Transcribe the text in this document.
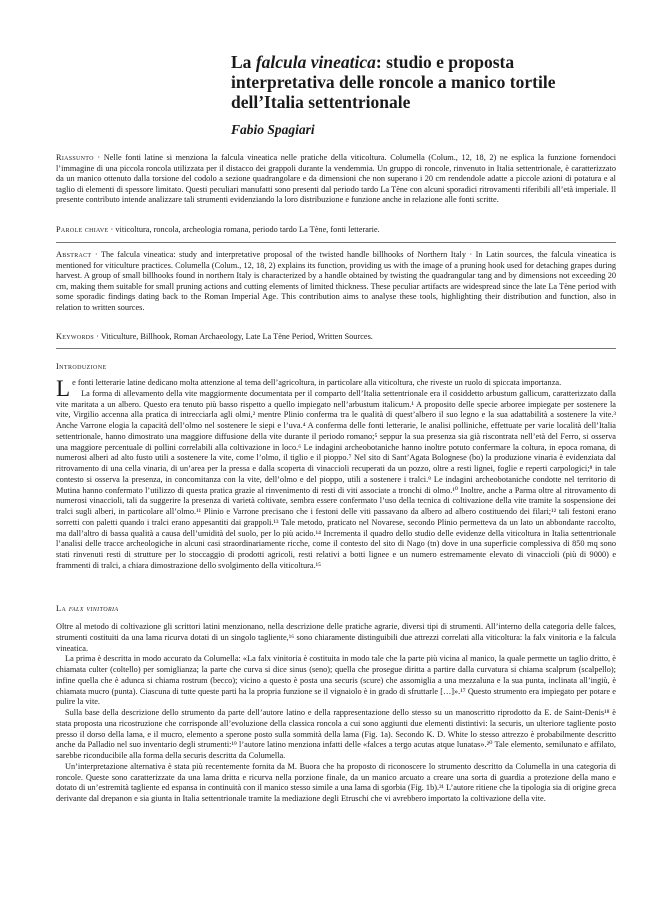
La falcula vineatica: studio e proposta interpretativa delle roncole a manico tortile dell’Italia settentrionale

Fabio Spagiari

Riassunto · Nelle fonti latine si menziona la falcula vineatica nelle pratiche della viticoltura. Columella (Colum., 12, 18, 2) ne esplica la funzione fornendoci l’immagine di una piccola roncola utilizzata per il distacco dei grappoli durante la vendemmia. Un gruppo di roncole, rinvenuto in Italia settentrionale, è caratterizzato da un manico ottenuto dalla torsione del codolo a sezione quadrangolare e da dimensioni che non superano i 20 cm rendendole adatte a piccole azioni di potatura e al taglio di elementi di spessore limitato. Questi peculiari manufatti sono presenti dal periodo tardo La Tène con alcuni sporadici ritrovamenti riferibili all’età imperiale. Il presente contributo intende analizzare tali strumenti evidenziando la loro distribuzione e funzione anche in relazione alle fonti scritte.

Parole chiave · viticoltura, roncola, archeologia romana, periodo tardo La Tène, fonti letterarie.

Abstract · The falcula vineatica: study and interpretative proposal of the twisted handle billhooks of Northern Italy · In Latin sources, the falcula vineatica is mentioned for viticulture practices. Columella (Colum., 12, 18, 2) explains its function, providing us with the image of a pruning hook used for detaching grapes during harvest. A group of small billhooks found in northern Italy is characterized by a handle obtained by twisting the quadrangular tang and by dimensions not exceeding 20 cm, making them suitable for small pruning actions and cutting elements of limited thickness. These peculiar artifacts are widespread since the late La Tène period with some sporadic findings dating back to the Roman Imperial Age. This contribution aims to analyse these tools, highlighting their distribution and function, also in relation to written sources.

Keywords · Viticulture, Billhook, Roman Archaeology, Late La Tène Period, Written Sources.

Introduzione

Le fonti letterarie latine dedicano molta attenzione al tema dell’agricoltura, in particolare alla viticoltura, che riveste un ruolo di spiccata importanza.

La forma di allevamento della vite maggiormente documentata per il comparto dell’Italia settentrionale era il cosiddetto arbustum gallicum, caratterizzato dalla vite maritata a un albero. Questo era tenuto più basso rispetto a quello impiegato nell’arbustum italicum.¹ A proposito delle specie arboree impiegate per sostenere la vite, Virgilio accenna alla pratica di intrecciarla agli olmi,² mentre Plinio conferma tra le qualità di quest’albero il suo legno e la sua adattabilità a sostenere la vite.³ Anche Varrone elogia la capacità dell’olmo nel sostenere le siepi e l’uva.⁴ A conferma delle fonti letterarie, le analisi polliniche, effettuate per varie località dell’Italia settentrionale, hanno dimostrato una maggiore diffusione della vite durante il periodo romano;⁵ seppur la sua presenza sia già riscontrata nell’età del Ferro, si osserva una maggiore percentuale di pollini correlabili alla coltivazione in loco.⁶ Le indagini archeobotaniche hanno inoltre potuto confermare la coltura, in epoca romana, di numerosi alberi ad alto fusto utili a sostenere la vite, come l’olmo, il tiglio e il pioppo.⁷ Nel sito di Sant’Agata Bolognese (bo) la produzione vinaria è evidenziata dal ritrovamento di una cella vinaria, di un’area per la pressa e dalla scoperta di vinaccioli recuperati da un pozzo, oltre a resti lignei, foglie e reperti carpologici;⁸ in tale contesto si osserva la presenza, in concomitanza con la vite, dell’olmo e del pioppo, utili a sostenere i tralci.⁹ Le indagini archeobotaniche condotte nel territorio di Mutina hanno confermato l’utilizzo di questa pratica grazie al rinvenimento di resti di viti associate a tronchi di olmo.¹⁰ Inoltre, anche a Parma oltre al ritrovamento di numerosi vinaccioli, tali da suggerire la presenza di varietà coltivate, sembra essere confermato l’uso della tecnica di coltivazione della vite tramite la sospensione dei tralci sugli alberi, in particolare all’olmo.¹¹ Plinio e Varrone precisano che i festoni delle viti passavano da albero ad albero costituendo dei filari;¹² tali festoni erano sorretti con paletti quando i tralci erano appesantiti dai grappoli.¹³ Tale metodo, praticato nel Novarese, secondo Plinio permetteva da un lato un abbondante raccolto, ma dall’altro di bassa qualità a causa dell’umidità del suolo, per lo più acido.¹⁴ Incrementa il quadro dello studio delle evidenze della viticoltura in Italia settentrionale l’analisi delle tracce archeologiche in alcuni casi straordinariamente ricche, come il contesto del sito di Nago (tn) dove in una superficie complessiva di 850 mq sono stati rinvenuti resti di strutture per lo stoccaggio di prodotti agricoli, resti relativi a botti lignee e un numero estremamente elevato di vinaccioli (più di 9000) e frammenti di tralci, a chiara dimostrazione dello svolgimento della viticoltura.¹⁵

La falx vinitoria

Oltre al metodo di coltivazione gli scrittori latini menzionano, nella descrizione delle pratiche agrarie, diversi tipi di strumenti. All’interno della categoria delle falces, strumenti costituiti da una lama ricurva dotati di un singolo tagliente,¹⁶ sono chiaramente distinguibili due attrezzi correlati alla viticoltura: la falx vinitoria e la falcula vineatica.

La prima è descritta in modo accurato da Columella: «La falx vinitoria è costituita in modo tale che la parte più vicina al manico, la quale permette un taglio dritto, è chiamata culter (coltello) per somiglianza; la parte che curva si dice sinus (seno); quella che prosegue diritta a partire dalla curvatura si chiama scalprum (scalpello); infine quella che è adunca si chiama rostrum (becco); vicino a questo è posta una securis (scure) che assomiglia a una mezzaluna e la sua punta, inclinata all’ingiù, è chiamata mucro (punta). Ciascuna di tutte queste parti ha la propria funzione se il vignaiolo è in grado di sfruttarle […]».¹⁷ Questo strumento era impiegato per potare e pulire la vite.

Sulla base della descrizione dello strumento da parte dell’autore latino e della rappresentazione dello stesso su un manoscritto riprodotto da E. de Saint-Denis¹⁸ è stata proposta una ricostruzione che corrisponde all’evoluzione della classica roncola a cui sono aggiunti due elementi distintivi: la securis, un ulteriore tagliente posto presso il dorso della lama, e il mucro, elemento a sperone posto sulla sommità della lama (Fig. 1a). Secondo K. D. White lo stesso attrezzo è probabilmente descritto anche da Palladio nel suo inventario degli strumenti:¹⁹ l’autore latino menziona infatti delle «falces a tergo acutas atque lunatas».²⁰ Tale elemento, semilunato e affilato, sarebbe riconducibile alla forma della securis descritta da Columella.

Un’interpretazione alternativa è stata più recentemente fornita da M. Buora che ha proposto di riconoscere lo strumento descritto da Columella in una categoria di roncole. Queste sono caratterizzate da una lama dritta e ricurva nella porzione finale, da un manico arcuato a creare una sorta di guardia a protezione della mano e dotato di un’estremità tagliente ed espansa in continuità con il manico stesso simile a una lama di sgorbia (Fig. 1b).²¹ L’autore ritiene che la tipologia sia di origine greca derivante dal drepanon e sia giunta in Italia settentrionale tramite la mediazione degli Etruschi che vi avrebbero importato la coltivazione della vite.
